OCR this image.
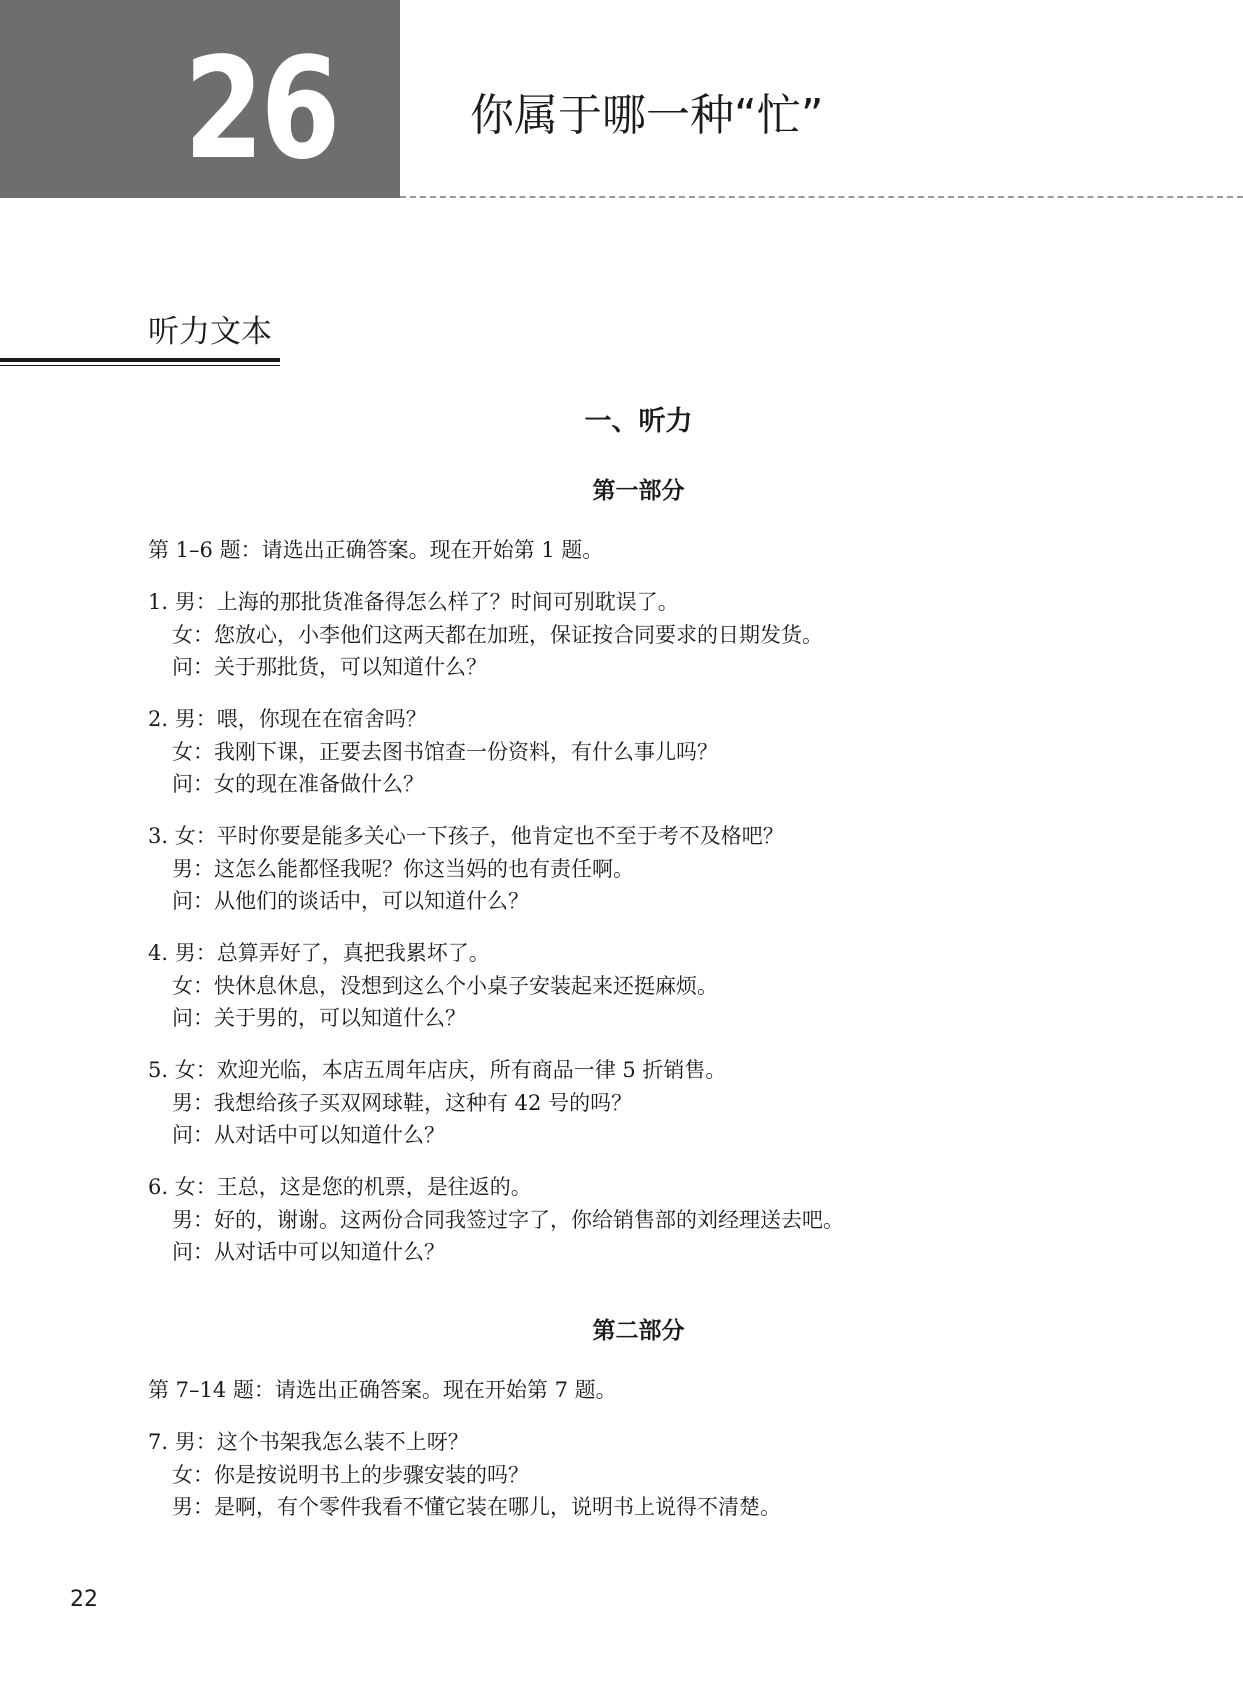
26	你属于哪一种“忙”
听力文本
一、听力
第一部分
第 1–6 题：请选出正确答案。现在开始第 1 题。
1. 男：上海的那批货准备得怎么样了？时间可别耽误了。
女：您放心，小李他们这两天都在加班，保证按合同要求的日期发货。
问：关于那批货，可以知道什么？
2. 男：喂，你现在在宿舍吗？
女：我刚下课，正要去图书馆查一份资料，有什么事儿吗？
问：女的现在准备做什么？
3. 女：平时你要是能多关心一下孩子，他肯定也不至于考不及格吧？
男：这怎么能都怪我呢？你这当妈的也有责任啊。
问：从他们的谈话中，可以知道什么？
4. 男：总算弄好了，真把我累坏了。
女：快休息休息，没想到这么个小桌子安装起来还挺麻烦。
问：关于男的，可以知道什么？
5. 女：欢迎光临，本店五周年店庆，所有商品一律 5 折销售。
男：我想给孩子买双网球鞋，这种有 42 号的吗？
问：从对话中可以知道什么？
6. 女：王总，这是您的机票，是往返的。
男：好的，谢谢。这两份合同我签过字了，你给销售部的刘经理送去吧。
问：从对话中可以知道什么？
第二部分
第 7–14 题：请选出正确答案。现在开始第 7 题。
7. 男：这个书架我怎么装不上呀？
女：你是按说明书上的步骤安装的吗？
男：是啊，有个零件我看不懂它装在哪儿，说明书上说得不清楚。
22
